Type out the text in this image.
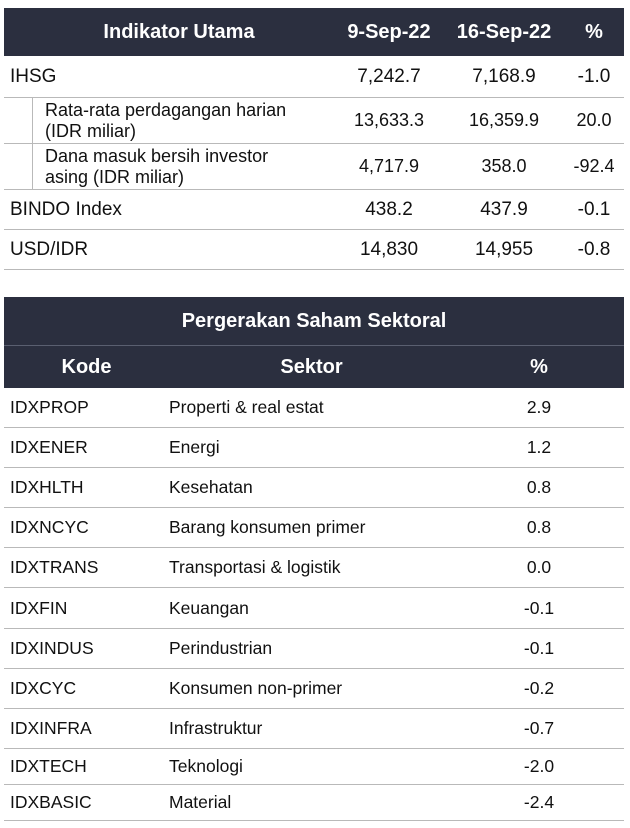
Indikator Utama	9-Sep-22	16-Sep-22	%
IHSG	7,242.7	7,168.9	-1.0
Rata-rata perdagangan harian
(IDR miliar)
13,633.3	16,359.9	20.0
Dana masuk bersih investor
asing (IDR miliar)
4,717.9	358.0	-92.4
BINDO Index	438.2	437.9	-0.1
USD/IDR	14,830	14,955	-0.8
Pergerakan Saham Sektoral
Kode	Sektor	%
IDXPROP	Properti & real estat	2.9
IDXENER	Energi	1.2
IDXHLTH	Kesehatan	0.8
IDXNCYC	Barang konsumen primer	0.8
IDXTRANS	Transportasi & logistik	0.0
IDXFIN	Keuangan	-0.1
IDXINDUS	Perindustrian	-0.1
IDXCYC	Konsumen non-primer	-0.2
IDXINFRA	Infrastruktur	-0.7
IDXTECH	Teknologi	-2.0
IDXBASIC	Material	-2.4
